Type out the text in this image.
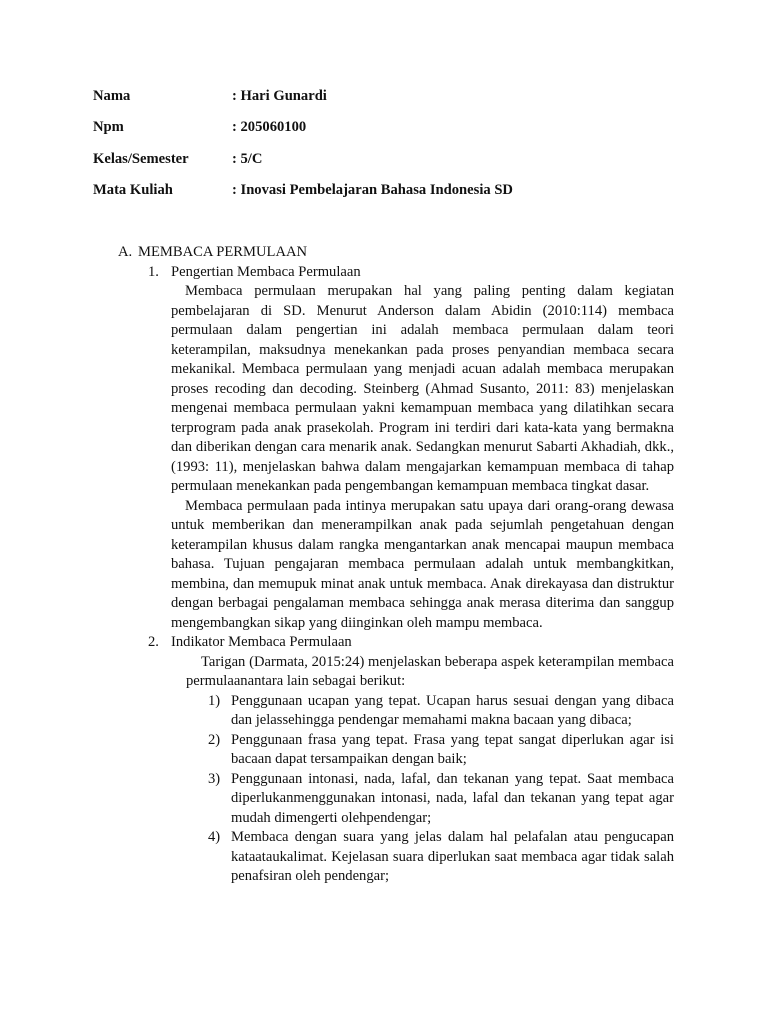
Nama	: Hari Gunardi
Npm	: 205060100
Kelas/Semester	: 5/C
Mata Kuliah	: Inovasi Pembelajaran Bahasa Indonesia SD
A. MEMBACA PERMULAAN
1. Pengertian Membaca Permulaan
Membaca permulaan merupakan hal yang paling penting dalam kegiatan pembelajaran di SD. Menurut Anderson dalam Abidin (2010:114) membaca permulaan dalam pengertian ini adalah membaca permulaan dalam teori keterampilan, maksudnya menekankan pada proses penyandian membaca secara mekanikal. Membaca permulaan yang menjadi acuan adalah membaca merupakan proses recoding dan decoding. Steinberg (Ahmad Susanto, 2011: 83) menjelaskan mengenai membaca permulaan yakni kemampuan membaca yang dilatihkan secara terprogram pada anak prasekolah. Program ini terdiri dari kata-kata yang bermakna dan diberikan dengan cara menarik anak. Sedangkan menurut Sabarti Akhadiah, dkk., (1993: 11), menjelaskan bahwa dalam mengajarkan kemampuan membaca di tahap permulaan menekankan pada pengembangan kemampuan membaca tingkat dasar.
Membaca permulaan pada intinya merupakan satu upaya dari orang-orang dewasa untuk memberikan dan menerampilkan anak pada sejumlah pengetahuan dengan keterampilan khusus dalam rangka mengantarkan anak mencapai maupun membaca bahasa. Tujuan pengajaran membaca permulaan adalah untuk membangkitkan, membina, dan memupuk minat anak untuk membaca. Anak direkayasa dan distruktur dengan berbagai pengalaman membaca sehingga anak merasa diterima dan sanggup mengembangkan sikap yang diinginkan oleh mampu membaca.
2. Indikator Membaca Permulaan
Tarigan (Darmata, 2015:24) menjelaskan beberapa aspek keterampilan membaca permulaanantara lain sebagai berikut:
1) Penggunaan ucapan yang tepat. Ucapan harus sesuai dengan yang dibaca dan jelassehingga pendengar memahami makna bacaan yang dibaca;
2) Penggunaan frasa yang tepat. Frasa yang tepat sangat diperlukan agar isi bacaan dapat tersampaikan dengan baik;
3) Penggunaan intonasi, nada, lafal, dan tekanan yang tepat. Saat membaca diperlukanmenggunakan intonasi, nada, lafal dan tekanan yang tepat agar mudah dimengerti olehpendengar;
4) Membaca dengan suara yang jelas dalam hal pelafalan atau pengucapan kataataukalimat. Kejelasan suara diperlukan saat membaca agar tidak salah penafsiran oleh pendengar;
